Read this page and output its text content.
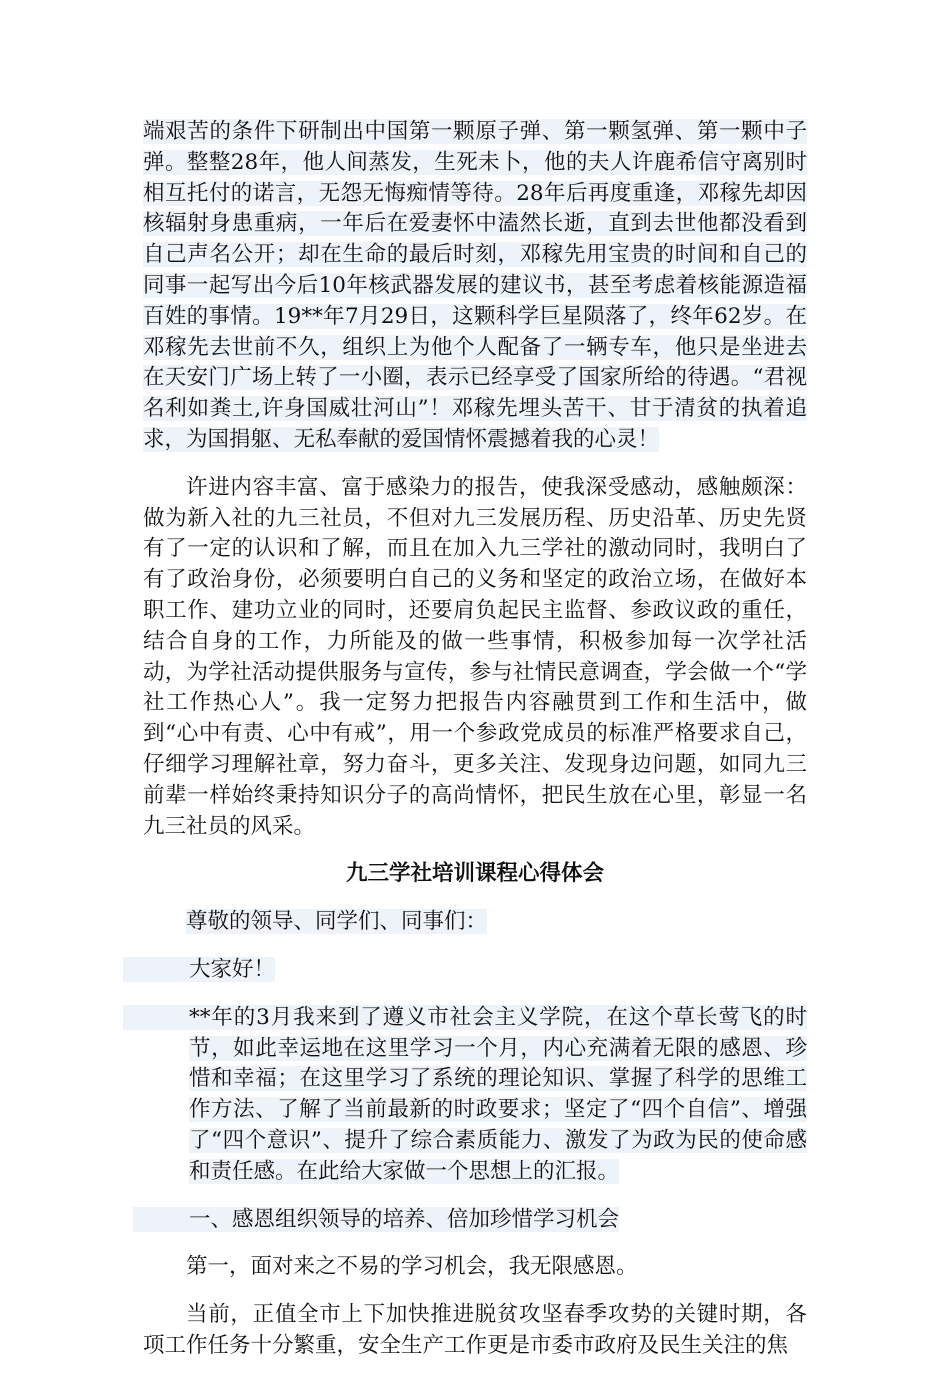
端艰苦的条件下研制出中国第一颗原子弹、第一颗氢弹、第一颗中子弹。整整28年，他人间蒸发，生死未卜，他的夫人许鹿希信守离别时相互托付的诺言，无怨无悔痴情等待。28年后再度重逢，邓稼先却因核辐射身患重病，一年后在爱妻怀中溘然长逝，直到去世他都没看到自己声名公开；却在生命的最后时刻，邓稼先用宝贵的时间和自己的同事一起写出今后10年核武器发展的建议书，甚至考虑着核能源造福百姓的事情。19**年7月29日，这颗科学巨星陨落了，终年62岁。在邓稼先去世前不久，组织上为他个人配备了一辆专车，他只是坐进去在天安门广场上转了一小圈，表示已经享受了国家所给的待遇。“君视名利如粪土,许身国威壮河山”！邓稼先埋头苦干、甘于清贫的执着追求，为国捐躯、无私奉献的爱国情怀震撼着我的心灵！

许进内容丰富、富于感染力的报告，使我深受感动，感触颇深：做为新入社的九三社员，不但对九三发展历程、历史沿革、历史先贤有了一定的认识和了解，而且在加入九三学社的激动同时，我明白了有了政治身份，必须要明白自己的义务和坚定的政治立场，在做好本职工作、建功立业的同时，还要肩负起民主监督、参政议政的重任，结合自身的工作，力所能及的做一些事情，积极参加每一次学社活动，为学社活动提供服务与宣传，参与社情民意调查，学会做一个“学社工作热心人”。我一定努力把报告内容融贯到工作和生活中，做到“心中有责、心中有戒”，用一个参政党成员的标准严格要求自己，仔细学习理解社章，努力奋斗，更多关注、发现身边问题，如同九三前辈一样始终秉持知识分子的高尚情怀，把民生放在心里，彰显一名九三社员的风采。

九三学社培训课程心得体会

尊敬的领导、同学们、同事们：

大家好！

**年的3月我来到了遵义市社会主义学院，在这个草长莺飞的时节，如此幸运地在这里学习一个月，内心充满着无限的感恩、珍惜和幸福；在这里学习了系统的理论知识、掌握了科学的思维工作方法、了解了当前最新的时政要求；坚定了“四个自信”、增强了“四个意识”、提升了综合素质能力、激发了为政为民的使命感和责任感。在此给大家做一个思想上的汇报。

一、感恩组织领导的培养、倍加珍惜学习机会

第一，面对来之不易的学习机会，我无限感恩。

当前，正值全市上下加快推进脱贫攻坚春季攻势的关键时期，各项工作任务十分繁重，安全生产工作更是市委市政府及民生关注的焦
